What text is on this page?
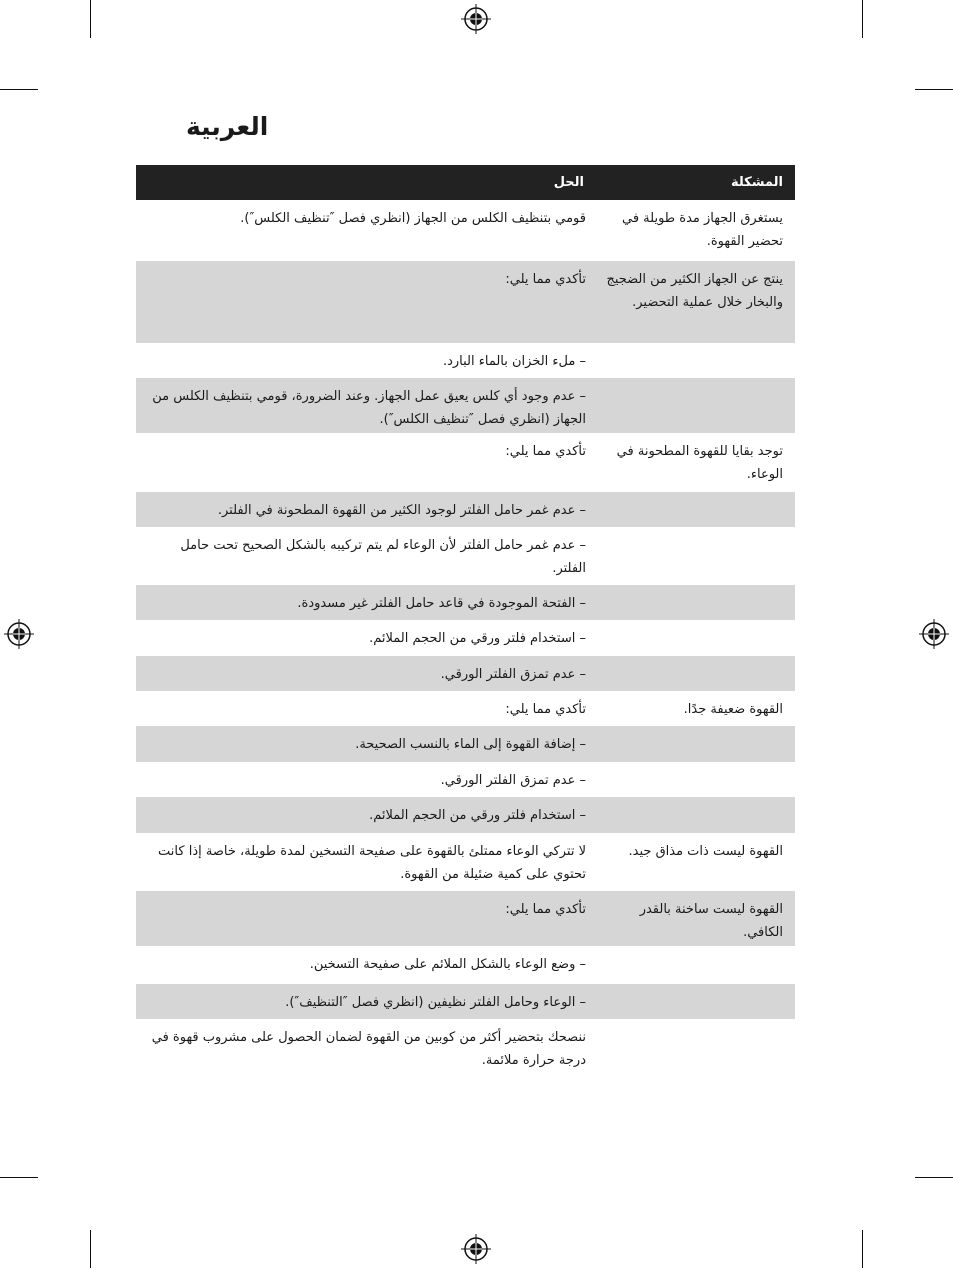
العربية
المشكلة
الحل
يستغرق الجهاز مدة طويلة في تحضير القهوة.
قومي بتنظيف الكلس من الجهاز (انظري فصل ″تنظيف الكلس″).
ينتج عن الجهاز الكثير من الضجيج والبخار خلال عملية التحضير.
تأكدي مما يلي:
– ملء الخزان بالماء البارد.
– عدم وجود أي كلس يعيق عمل الجهاز. وعند الضرورة، قومي بتنظيف الكلس من الجهاز (انظري فصل ″تنظيف الكلس″).
توجد بقايا للقهوة المطحونة في الوعاء.
تأكدي مما يلي:
– عدم غمر حامل الفلتر لوجود الكثير من القهوة المطحونة في الفلتر.
– عدم غمر حامل الفلتر لأن الوعاء لم يتم تركيبه بالشكل الصحيح تحت حامل الفلتر.
– الفتحة الموجودة في قاعد حامل الفلتر غير مسدودة.
– استخدام فلتر ورقي من الحجم الملائم.
– عدم تمزق الفلتر الورقي.
القهوة ضعيفة جدًا.
تأكدي مما يلي:
– إضافة القهوة إلى الماء بالنسب الصحيحة.
– عدم تمزق الفلتر الورقي.
– استخدام فلتر ورقي من الحجم الملائم.
القهوة ليست ذات مذاق جيد.
لا تتركي الوعاء ممتلئ بالقهوة على صفيحة التسخين لمدة طويلة، خاصة إذا كانت تحتوي على كمية ضئيلة من القهوة.
القهوة ليست ساخنة بالقدر الكافي.
تأكدي مما يلي:
– وضع الوعاء بالشكل الملائم على صفيحة التسخين.
– الوعاء وحامل الفلتر نظيفين (انظري فصل ″التنظيف″).
ننصحك بتحضير أكثر من كوبين من القهوة لضمان الحصول على مشروب قهوة في درجة حرارة ملائمة.
